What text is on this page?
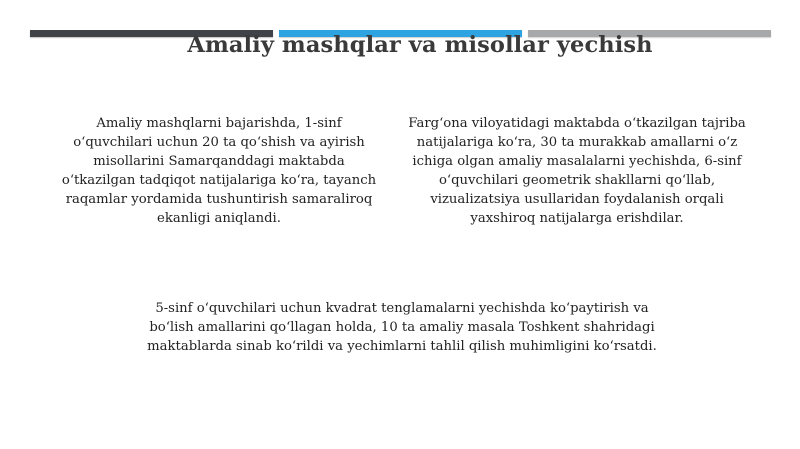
Amaliy mashqlar va misollar yechish

Amaliy mashqlarni bajarishda, 1-sinf o‘quvchilari uchun 20 ta qo‘shish va ayirish misollarini Samarqanddagi maktabda o‘tkazilgan tadqiqot natijalariga ko‘ra, tayanch raqamlar yordamida tushuntirish samaraliroq ekanligi aniqlandi.

Farg‘ona viloyatidagi maktabda o‘tkazilgan tajriba natijalariga ko‘ra, 30 ta murakkab amallarni o‘z ichiga olgan amaliy masalalarni yechishda, 6-sinf o‘quvchilari geometrik shakllarni qo‘llab, vizualizatsiya usullaridan foydalanish orqali yaxshiroq natijalarga erishdilar.

5-sinf o‘quvchilari uchun kvadrat tenglamalarni yechishda ko‘paytirish va bo‘lish amallarini qo‘llagan holda, 10 ta amaliy masala Toshkent shahridagi maktablarda sinab ko‘rildi va yechimlarni tahlil qilish muhimligini ko‘rsatdi.
